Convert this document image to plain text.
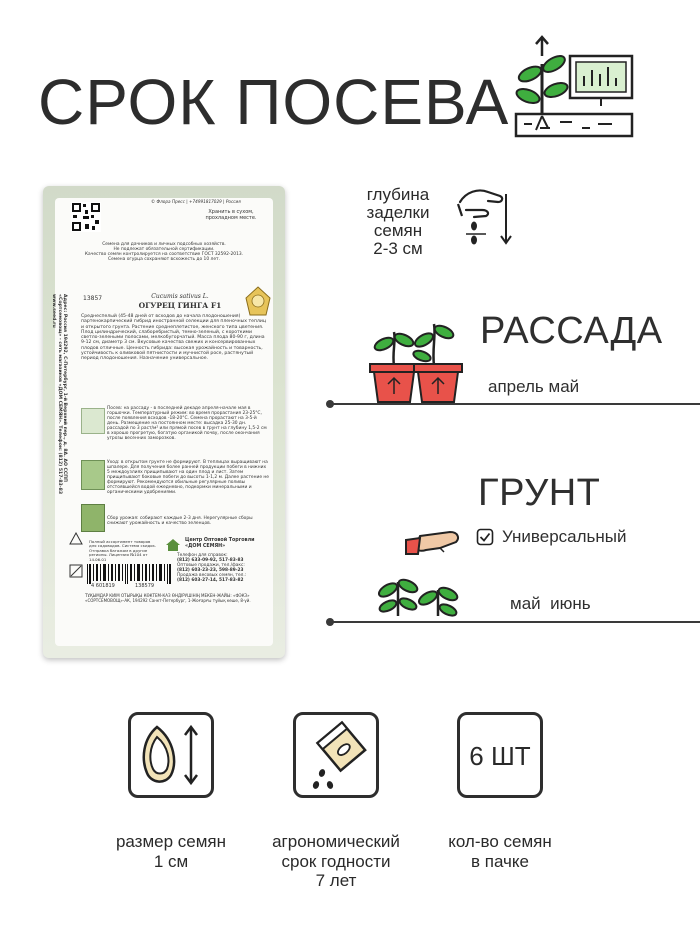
СРОК ПОСЕВА
© Флора Пресс | +74991817029 | Россия
Хранить в сухом, прохладном месте.
Семена для дачников и личных подсобных хозяйств.
Не подлежат обязательной сертификации.
Качество семян контролируется на соответствие ГОСТ 32592-2013.
Семена огурца сохраняют всхожесть до 10 лет.
Адрес: Россия 194292, С-Петербург, 1-й Верхний пер., д. 8А. АО ССПП «Сортсемовощ» - сеть магазинов «ДОМ СЕМЯН». Телефон: (812) 517-83-83 www.seed.ru	13857	Cucumis sativus L.
ОГУРЕЦ ГИНГА F1
Среднеспелый (45-48 дней от всходов до начала плодоношения) партенокарпический гибрид иностранной селекции для пленочных теплиц и открытого грунта. Растение среднеплетистое, женского типа цветения. Плод цилиндрический, слаборебристый, темно-зеленый, с короткими светло-зелеными полосами, мелкобугорчатый. Масса плода 80-90 г, длина 9-12 см, диаметр 3 см. Вкусовые качества свежих и консервированных плодов отличные. Ценность гибрида: высокая урожайность и товарность, устойчивость к оливковой пятнистости и мучнистой росе, растянутый период плодоношения. Назначение универсальное.
Посев: на рассаду - в последней декаде апреля-начале мая в горшочки. Температурный режим: во время прорастания 23-25°С, после появления всходов -18-20°С. Семена прорастают на 3-5-й день. Размещение на постоянном месте: высадка 25-30 дн. рассадой по 3 раст/м² или прямой посев в грунт на глубину 1,5-2 см в хорошо прогретую, богатую органикой почву, после окончания угрозы весенних заморозков.
Уход: в открытом грунте не формируют. В теплицах выращивают на шпалере. Для получения более ранней продукции побеги в нижних 5 междоузлиях прищипывают на один плод и лист. Затем прищипывают боковые побеги до высоты 1-1,2 м. Далее растение не формируют. Рекомендуются обильные регулярные поливы отстоявшейся водой ежедневно, подкормки минеральными и органическими удобрениями.
Сбор урожая: собирают каждые 2-3 дня. Нерегулярные сборы снижают урожайность и качество зеленцов.
Полный ассортимент товаров для садоводов. Система скидок. Отправка багажом в другие регионы. Лицензия №104 от 14.06.01
Центр Оптовой Торговли «ДОМ СЕМЯН»
Телефон для справок:
(812) 633-09-92, 517-83-83
Оптовые продажи, тел./факс:
(812) 603-23-23, 598-89-23
Продажа весовых семян, тел.:
(812) 603-27-14, 517-83-82
4 601819	138579
ТҰҚЫМДАР КИІМ ОТЫРЫҚЫ КӨКТЕМ-КАЗ ӨНДІРУШІНІҢ МЕКЕН-ЖАЙЫ: «ФЭКЗ» «СОРТСЕМОВОЩ»-АК, 194292 Санкт-Петербург, 1-Жоғарғы тұйық көше, 8-үй.
глубина
заделки
семян
2-3 см
РАССАДА
апрель май
ГРУНТ
Универсальный
май  июнь
6 ШТ
размер семян
1 см
агрономический
срок годности
7 лет
кол-во семян
в пачке
